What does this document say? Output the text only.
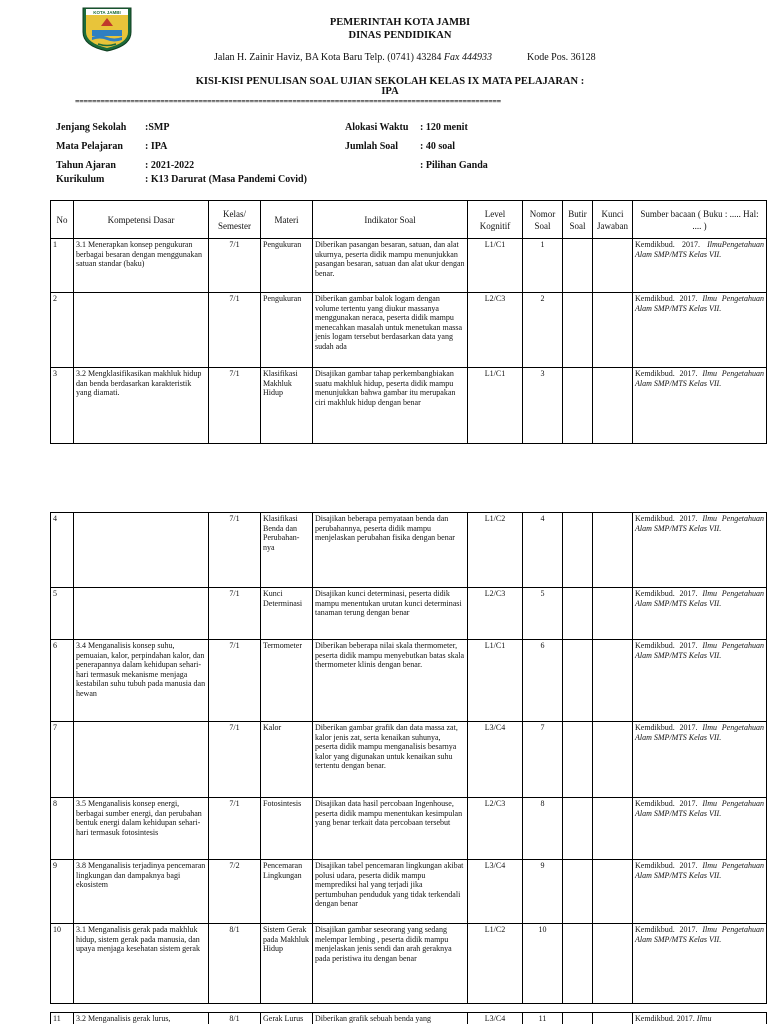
KOTA JAMBI
PEMERINTAH KOTA JAMBI
DINAS PENDIDIKAN
Jalan H. Zainir Haviz, BA Kota Baru Telp. (0741) 43284 Fax 444933	Kode Pos. 36128
KISI-KISI PENULISAN SOAL UJIAN SEKOLAH KELAS IX MATA PELAJARAN :
IPA
====================================================================================================
Jenjang Sekolah :SMP
Mata Pelajaran : IPA
Tahun Ajaran	: 2021-2022
Kurikulum	: K13 Darurat (Masa Pandemi Covid)
Alokasi Waktu : 120 menit
Jumlah Soal : 40 soal
: Pilihan Ganda
No	Kompetensi Dasar	Kelas/ Semester	Materi	Indikator Soal	Level Kognitif	Nomor Soal	Butir Soal	Kunci Jawaban	Sumber bacaan ( Buku : ..... Hal: .... )
1	3.1 Menerapkan konsep pengukuran berbagai besaran dengan menggunakan satuan standar (baku)	7/1	Pengukuran	Diberikan pasangan besaran, satuan, dan alat ukurnya, peserta didik mampu menunjukkan pasangan besaran, satuan dan alat ukur dengan benar.	L1/C1	1			Kemdikbud. 2017. IlmuPengetahuan Alam SMP/MTS Kelas VII.
2		7/1	Pengukuran	Diberikan gambar balok logam dengan volume tertentu yang diukur massanya menggunakan neraca, peserta didik mampu menecahkan masalah untuk menetukan massa jenis logam tersebut berdasarkan data yang sudah ada	L2/C3	2			Kemdikbud. 2017. Ilmu Pengetahuan Alam SMP/MTS Kelas VII.
3	3.2 Mengklasifikasikan makhluk hidup dan benda berdasarkan karakteristik yang diamati.	7/1	Klasifikasi Makhluk Hidup	Disajikan gambar tahap perkembangbiakan suatu makhluk hidup, peserta didik mampu menunjukkan bahwa gambar itu merupakan ciri makhluk hidup dengan benar	L1/C1	3			Kemdikbud. 2017. Ilmu Pengetahuan Alam SMP/MTS Kelas VII.
4		7/1	Klasifikasi Benda dan Perubahan-nya	Disajikan beberapa pernyataan benda dan perubahannya, peserta didik mampu menjelaskan perubahan fisika dengan benar	L1/C2	4			Kemdikbud. 2017. Ilmu Pengetahuan Alam SMP/MTS Kelas VII.
5		7/1	Kunci Determinasi	Disajikan kunci determinasi, peserta didik mampu menentukan urutan kunci determinasi tanaman terung dengan benar	L2/C3	5			Kemdikbud. 2017. Ilmu Pengetahuan Alam SMP/MTS Kelas VII.
6	3.4 Menganalisis konsep suhu, pemuaian, kalor, perpindahan kalor, dan penerapannya dalam kehidupan sehari-hari termasuk mekanisme menjaga kestabilan suhu tubuh pada manusia dan hewan	7/1	Termometer	Diberikan beberapa nilai skala thermometer, peserta didik mampu menyebutkan batas skala thermometer klinis dengan benar.	L1/C1	6			Kemdikbud. 2017. Ilmu Pengetahuan Alam SMP/MTS Kelas VII.
7		7/1	Kalor	Diberikan gambar grafik dan data massa zat, kalor jenis zat, serta kenaikan suhunya, peserta didik mampu menganalisis besarnya kalor yang digunakan untuk kenaikan suhu tertentu dengan benar.	L3/C4	7			Kemdikbud. 2017. Ilmu Pengetahuan Alam SMP/MTS Kelas VII.
8	3.5 Menganalisis konsep energi, berbagai sumber energi, dan perubahan bentuk energi dalam kehidupan sehari-hari termasuk fotosintesis	7/1	Fotosintesis	Disajikan data hasil percobaan Ingenhouse, peserta didik mampu menentukan kesimpulan yang benar terkait data percobaan tersebut	L2/C3	8			Kemdikbud. 2017. Ilmu Pengetahuan Alam SMP/MTS Kelas VII.
9	3.8 Menganalisis terjadinya pencemaran lingkungan dan dampaknya bagi ekosistem	7/2	Pencemaran Lingkungan	Disajikan tabel pencemaran lingkungan akibat polusi udara, peserta didik mampu memprediksi hal yang terjadi jika pertumbuhan penduduk yang tidak terkendali dengan benar	L3/C4	9			Kemdikbud. 2017. Ilmu Pengetahuan Alam SMP/MTS Kelas VII.
10	3.1 Menganalisis gerak pada makhluk hidup, sistem gerak pada manusia, dan upaya menjaga kesehatan sistem gerak	8/1	Sistem Gerak pada Makhluk Hidup	Disajikan gambar seseorang yang sedang melempar lembing , peserta didik mampu menjelaskan jenis sendi dan arah geraknya pada peristiwa itu dengan benar	L1/C2	10			Kemdikbud. 2017. Ilmu Pengetahuan Alam SMP/MTS Kelas VII.
11	3.2 Menganalisis gerak lurus,	8/1	Gerak Lurus	Diberikan grafik sebuah benda yang	L3/C4	11			Kemdikbud. 2017. Ilmu
